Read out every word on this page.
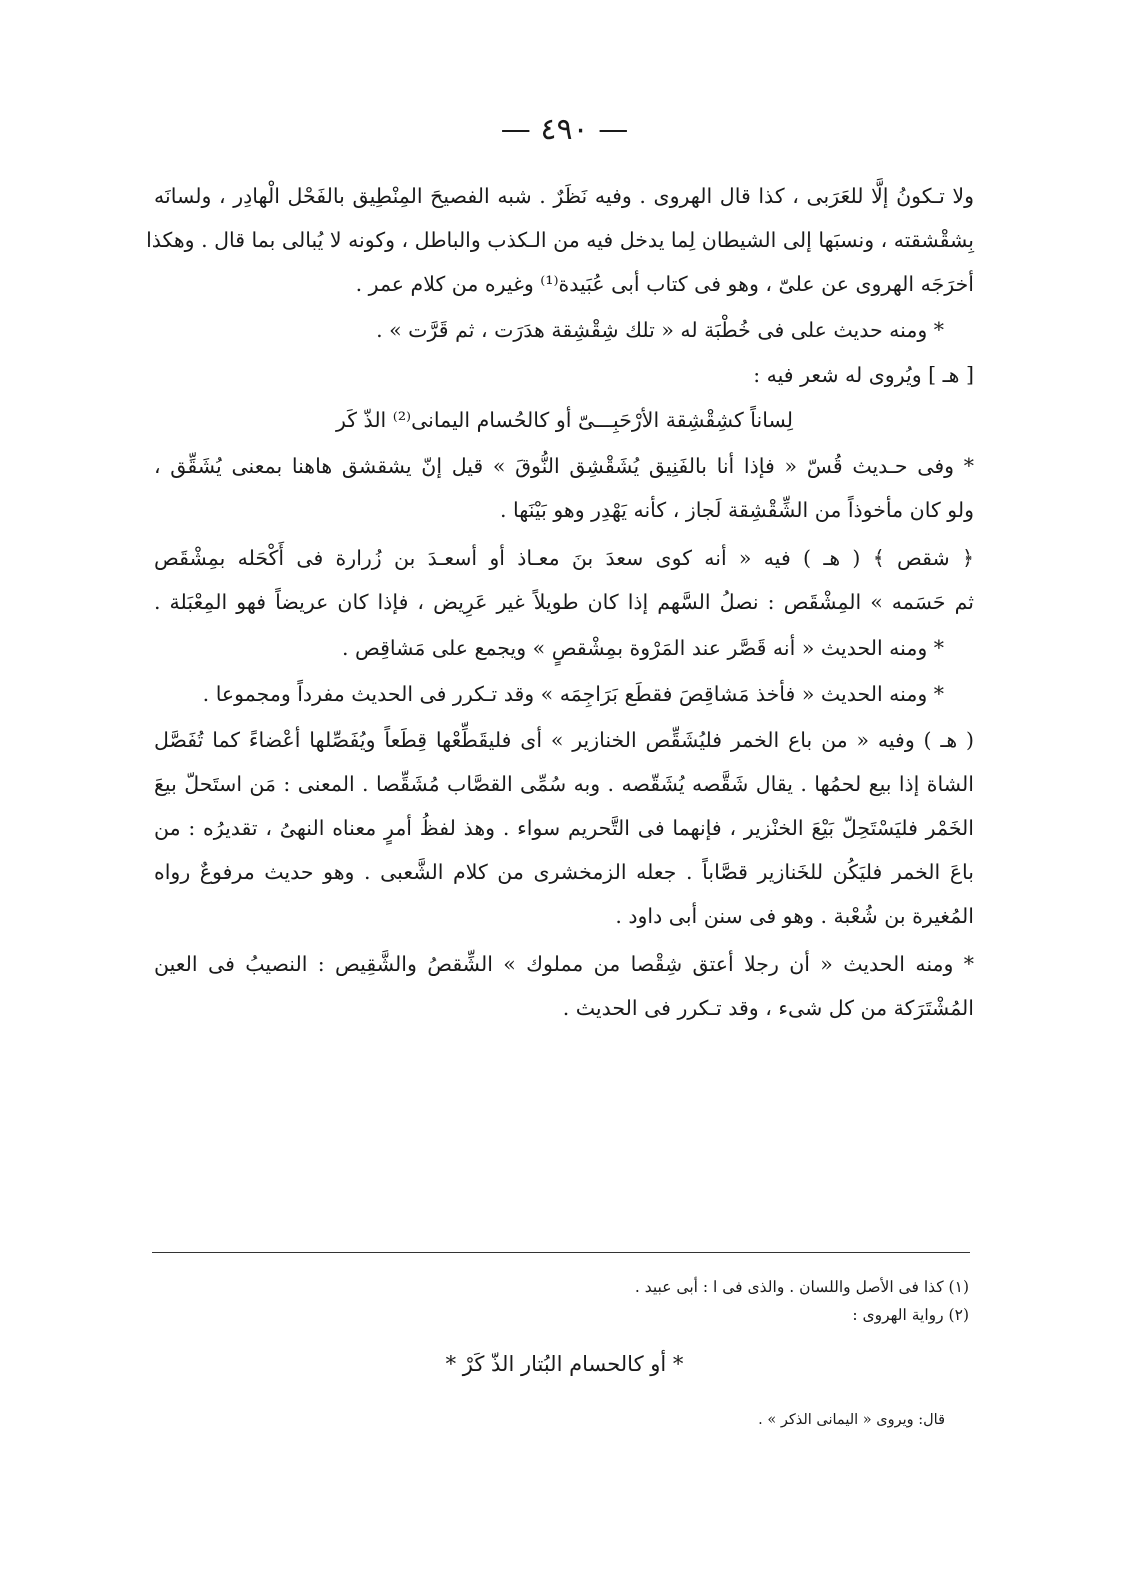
— ٤٩٠ —
ولا تـكونُ إلَّا للعَرَبى ، كذا قال الهروى . وفيه نَظَرٌ . شبه الفصيحَ المِنْطِيق بالفَحْل الْهادِر ، ولسانَه
بِشقْشقته ، ونسبَها إلى الشيطان لِما يدخل فيه من الـكذب والباطل ، وكونه لا يُبالى بما قال . وهكذا
أخرَجَه الهروى عن علىّ ، وهو فى كتاب أبى عُبَيدة⁽¹⁾ وغيره من كلام عمر .
* ومنه حديث على فى خُطْبَة له « تلك شِقْشِقة هدَرَت ، ثم قَرَّت » .
[ هـ ] ويُروى له شعر فيه :
لِساناً كشِقْشِقة الأرْحَبِـــىّ أو كالحُسام اليمانى⁽²⁾ الذّ كَر
* وفى حـديث قُسّ « فإذا أنا بالفَنِيق يُشَقْشِق النُّوقَ » قيل إنّ يشقشق هاهنا بمعنى يُشَقِّق ،
ولو كان مأخوذاً من الشِّقْشِقة لَجاز ، كأنه يَهْدِر وهو بَيْنَها .
﴿ شقص ﴾ ( هـ ) فيه « أنه كوى سعدَ بنَ معـاذ أو أسعـدَ بن زُرارة فى أَكْحَله بمِشْقَص
ثم حَسَمه » المِشْقَص : نصلُ السَّهم إذا كان طويلاً غير عَرِيض ، فإذا كان عريضاً فهو المِعْبَلة .
* ومنه الحديث « أنه قَصَّر عند المَرْوة بمِشْقصٍ » ويجمع على مَشاقِص .
* ومنه الحديث « فأخذ مَشاقِصَ فقطَع بَرَاجِمَه » وقد تـكرر فى الحديث مفرداً ومجموعا .
( هـ ) وفيه « من باع الخمر فليُشَقِّص الخنازير » أى فليقَطِّعْها قِطَعاً ويُفَصِّلها أعْضاءً كما تُفَصَّل
الشاة إذا بيع لحمُها . يقال شَقَّصه يُشَقّصه . وبه سُمِّى القصَّاب مُشَقِّصا . المعنى : مَن استَحلّ بيعَ
الخَمْر فليَسْتَحِلّ بَيْعَ الخنْزير ، فإنهما فى التَّحريم سواء . وهذ لفظُ أمرٍ معناه النهىُ ، تقديرُه : من
باعَ الخمر فليَكُن للخَنازير قصَّاباً . جعله الزمخشرى من كلام الشَّعبى . وهو حديث مرفوعٌ رواه
المُغيرة بن شُعْبة . وهو فى سنن أبى داود .
* ومنه الحديث « أن رجلا أعتق شِقْصا من مملوك » الشِّقصُ والشَّقِيص : النصيبُ فى العين
المُشْتَرَكة من كل شىء ، وقد تـكرر فى الحديث .
(١) كذا فى الأصل واللسان . والذى فى ا : أبى عبيد .
(٢) رواية الهروى :
* أو كالحسام البُتار الذّ كَرْ *
قال: ويروى « اليمانى الذكر » .
